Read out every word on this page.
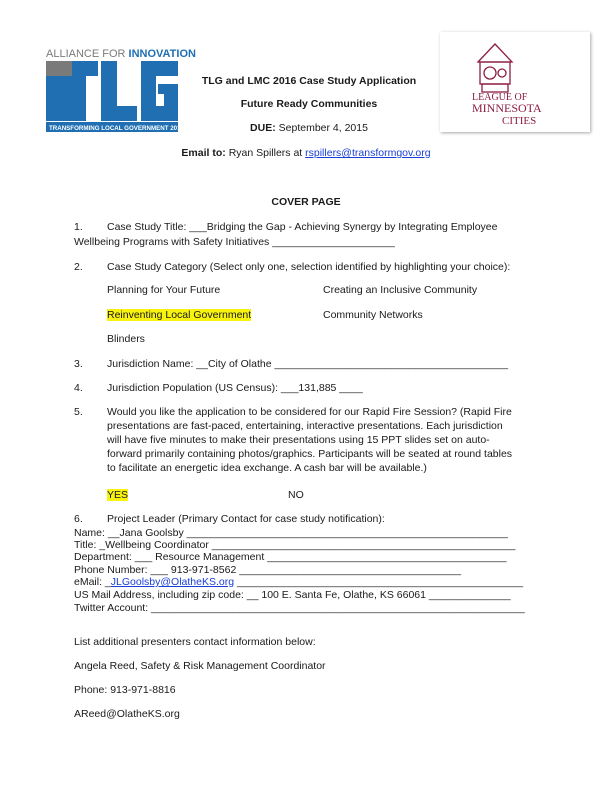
ALLIANCE FOR INNOVATION
TRANSFORMING LOCAL GOVERNMENT 2016
LEAGUE OF
MINNESOTA
CITIES
TLG and LMC 2016 Case Study Application
Future Ready Communities
DUE: September 4, 2015
Email to: Ryan Spillers at rspillers@transformgov.org
COVER PAGE
1. Case Study Title: ___Bridging the Gap - Achieving Synergy by Integrating Employee
Wellbeing Programs with Safety Initiatives _____________________
2. Case Study Category (Select only one, selection identified by highlighting your choice):
Planning for Your Future	Creating an Inclusive Community
Reinventing Local Government	Community Networks
Blinders
3. Jurisdiction Name: __City of Olathe ________________________________________
4. Jurisdiction Population (US Census): ___131,885 ____
5. Would you like the application to be considered for our Rapid Fire Session? (Rapid Fire
presentations are fast-paced, entertaining, interactive presentations. Each jurisdiction
will have five minutes to make their presentations using 15 PPT slides set on auto-
forward primarily containing photos/graphics. Participants will be seated at round tables
to facilitate an energetic idea exchange. A cash bar will be available.)
YES	NO
6. Project Leader (Primary Contact for case study notification):
Name: __Jana Goolsby _______________________________________________________
Title: _Wellbeing Coordinator ____________________________________________________
Department: ___ Resource Management _________________________________________
Phone Number: ___ 913-971-8562 ______________________________________
eMail: _JLGoolsby@OlatheKS.org _________________________________________________
US Mail Address, including zip code: __ 100 E. Santa Fe, Olathe, KS 66061 ______________
Twitter Account: ________________________________________________________________
List additional presenters contact information below:
Angela Reed, Safety & Risk Management Coordinator
Phone: 913-971-8816
AReed@OlatheKS.org
